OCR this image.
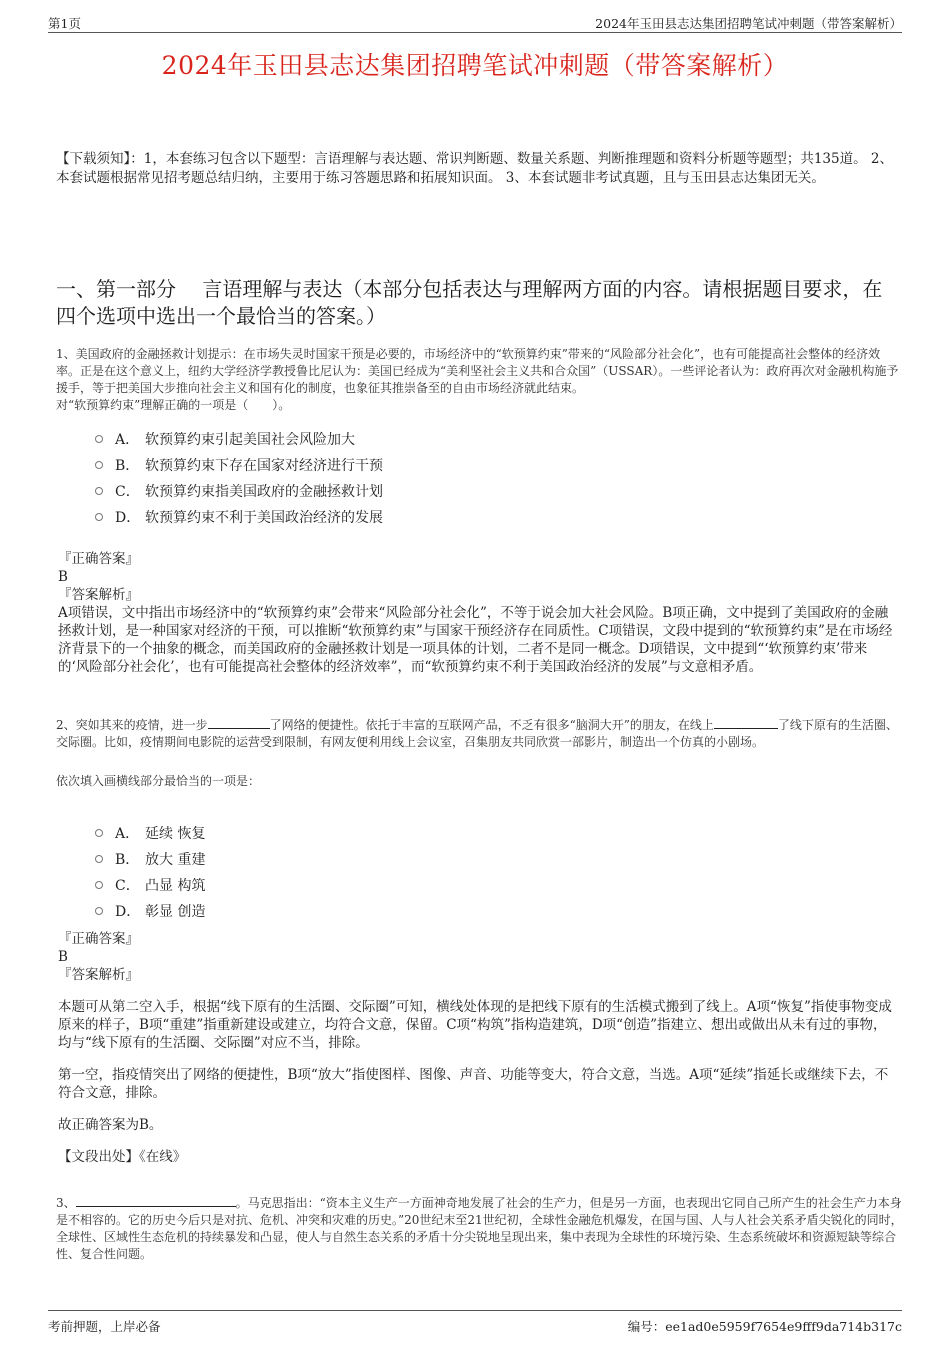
第1页	2024年玉田县志达集团招聘笔试冲刺题（带答案解析）
2024年玉田县志达集团招聘笔试冲刺题（带答案解析）
【下载须知】：1，本套练习包含以下题型：言语理解与表达题、常识判断题、数量关系题、判断推理题和资料分析题等题型；共135道。 2、本套试题根据常见招考题总结归纳，主要用于练习答题思路和拓展知识面。 3、本套试题非考试真题，且与玉田县志达集团无关。
一、第一部分　 言语理解与表达（本部分包括表达与理解两方面的内容。请根据题目要求，在四个选项中选出一个最恰当的答案。）
1、美国政府的金融拯救计划提示：在市场失灵时国家干预是必要的，市场经济中的“软预算约束”带来的“风险部分社会化”，也有可能提高社会整体的经济效率。正是在这个意义上，纽约大学经济学教授鲁比尼认为：美国已经成为“美利坚社会主义共和合众国”（USSAR）。一些评论者认为：政府再次对金融机构施予援手，等于把美国大步推向社会主义和国有化的制度，也象征其推崇备至的自由市场经济就此结束。
对“软预算约束”理解正确的一项是（　　）。
A． 软预算约束引起美国社会风险加大
B． 软预算约束下存在国家对经济进行干预
C． 软预算约束指美国政府的金融拯救计划
D． 软预算约束不利于美国政治经济的发展
『正确答案』
B
『答案解析』
A项错误，文中指出市场经济中的“软预算约束”会带来“风险部分社会化”，不等于说会加大社会风险。B项正确，文中提到了美国政府的金融拯救计划，是一种国家对经济的干预，可以推断“软预算约束”与国家干预经济存在同质性。C项错误，文段中提到的“软预算约束”是在市场经济背景下的一个抽象的概念，而美国政府的金融拯救计划是一项具体的计划，二者不是同一概念。D项错误，文中提到“‘软预算约束’带来的‘风险部分社会化’，也有可能提高社会整体的经济效率”，而“软预算约束不利于美国政治经济的发展”与文意相矛盾。
2、突如其来的疫情，进一步	了网络的便捷性。依托于丰富的互联网产品，不乏有很多“脑洞大开”的朋友，在线上	了线下原有的生活圈、交际圈。比如，疫情期间电影院的运营受到限制，有网友便利用线上会议室，召集朋友共同欣赏一部影片，制造出一个仿真的小剧场。
依次填入画横线部分最恰当的一项是：
A． 延续 恢复
B． 放大 重建
C． 凸显 构筑
D． 彰显 创造
『正确答案』
B
『答案解析』
本题可从第二空入手，根据“线下原有的生活圈、交际圈”可知，横线处体现的是把线下原有的生活模式搬到了线上。A项“恢复”指使事物变成原来的样子，B项“重建”指重新建设或建立，均符合文意，保留。C项“构筑”指构造建筑，D项“创造”指建立、想出或做出从未有过的事物，均与“线下原有的生活圈、交际圈”对应不当，排除。
第一空，指疫情突出了网络的便捷性，B项“放大”指使图样、图像、声音、功能等变大，符合文意，当选。A项“延续”指延长或继续下去，不符合文意，排除。
故正确答案为B。
【文段出处】《在线》
3、	。马克思指出：“资本主义生产一方面神奇地发展了社会的生产力，但是另一方面，也表现出它同自己所产生的社会生产力本身是不相容的。它的历史今后只是对抗、危机、冲突和灾难的历史。”20世纪末至21世纪初，全球性金融危机爆发，在国与国、人与人社会关系矛盾尖锐化的同时，全球性、区域性生态危机的持续暴发和凸显，使人与自然生态关系的矛盾十分尖锐地呈现出来，集中表现为全球性的环境污染、生态系统破坏和资源短缺等综合性、复合性问题。
考前押题，上岸必备	编号：ee1ad0e5959f7654e9fff9da714b317c
